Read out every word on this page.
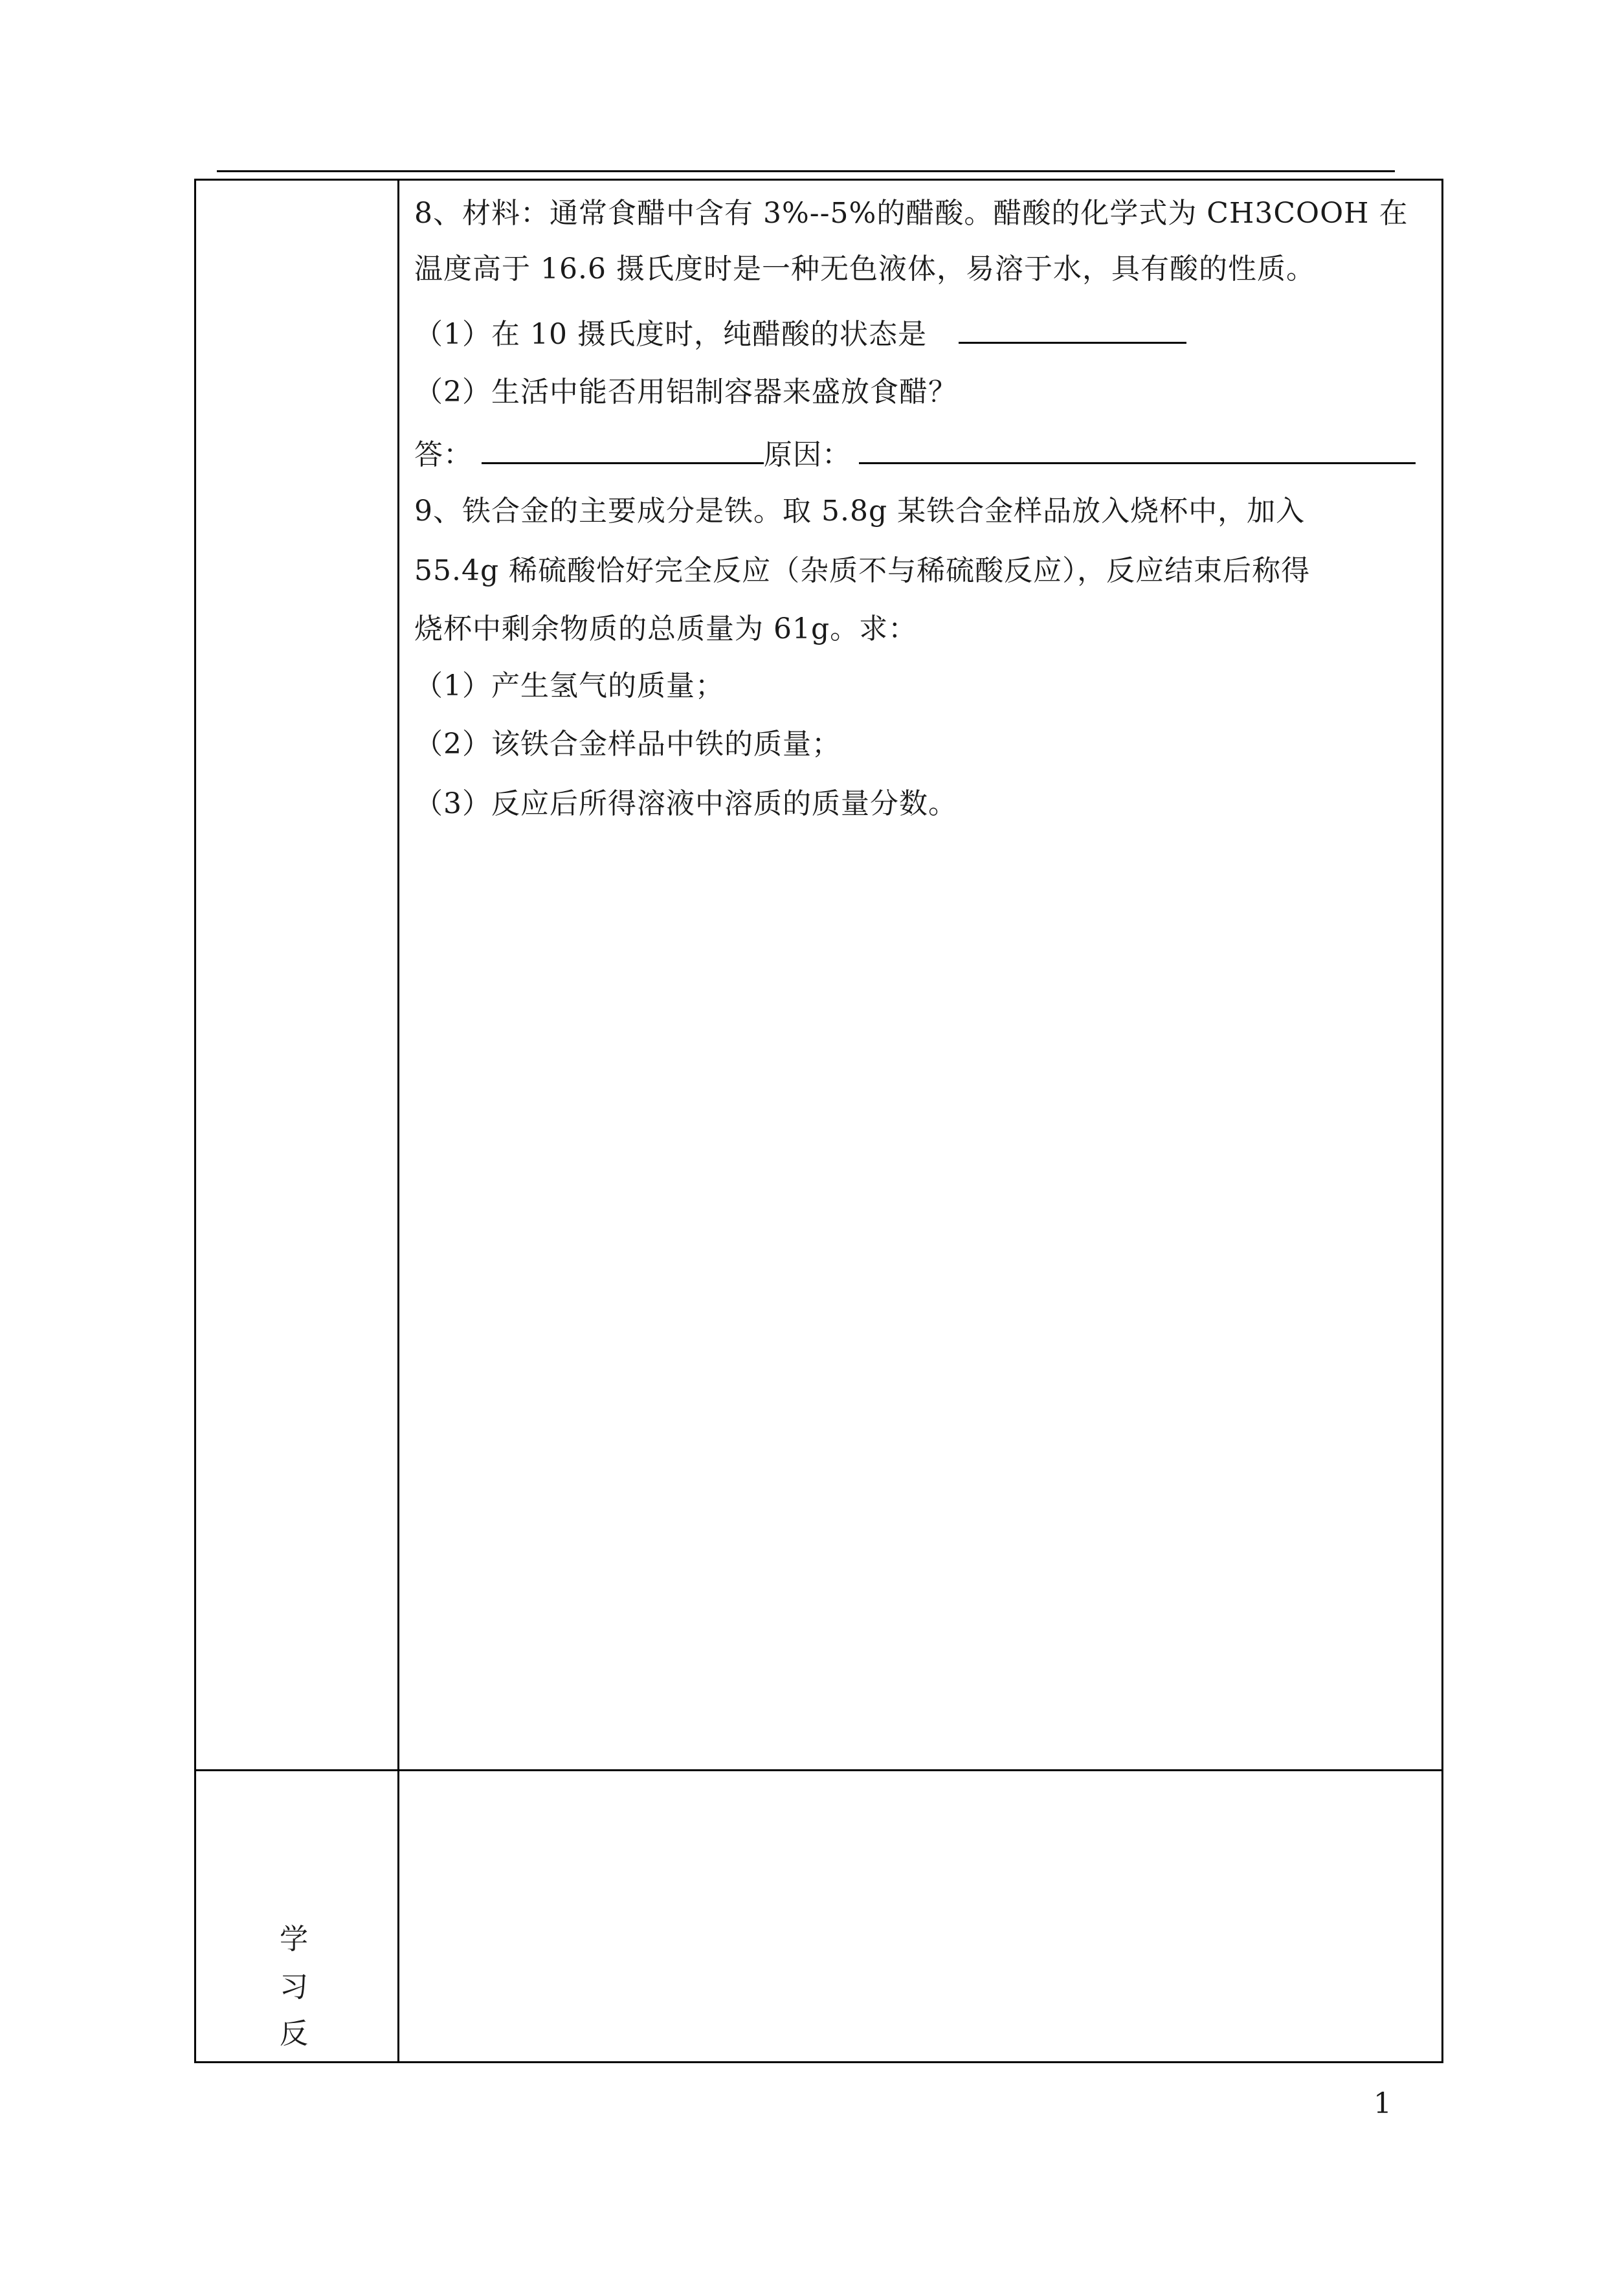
8、材料：通常食醋中含有 3%--5%的醋酸。醋酸的化学式为 CH3COOH 在
温度高于 16.6 摄氏度时是一种无色液体，易溶于水，具有酸的性质。
（1）在 10 摄氏度时，纯醋酸的状态是
（2）生活中能否用铝制容器来盛放食醋？
答：	原因：
9、铁合金的主要成分是铁。取 5.8g 某铁合金样品放入烧杯中，加入
55.4g 稀硫酸恰好完全反应（杂质不与稀硫酸反应），反应结束后称得
烧杯中剩余物质的总质量为 61g。求：
（1）产生氢气的质量；
（2）该铁合金样品中铁的质量；
（3）反应后所得溶液中溶质的质量分数。
学
习
反
1
